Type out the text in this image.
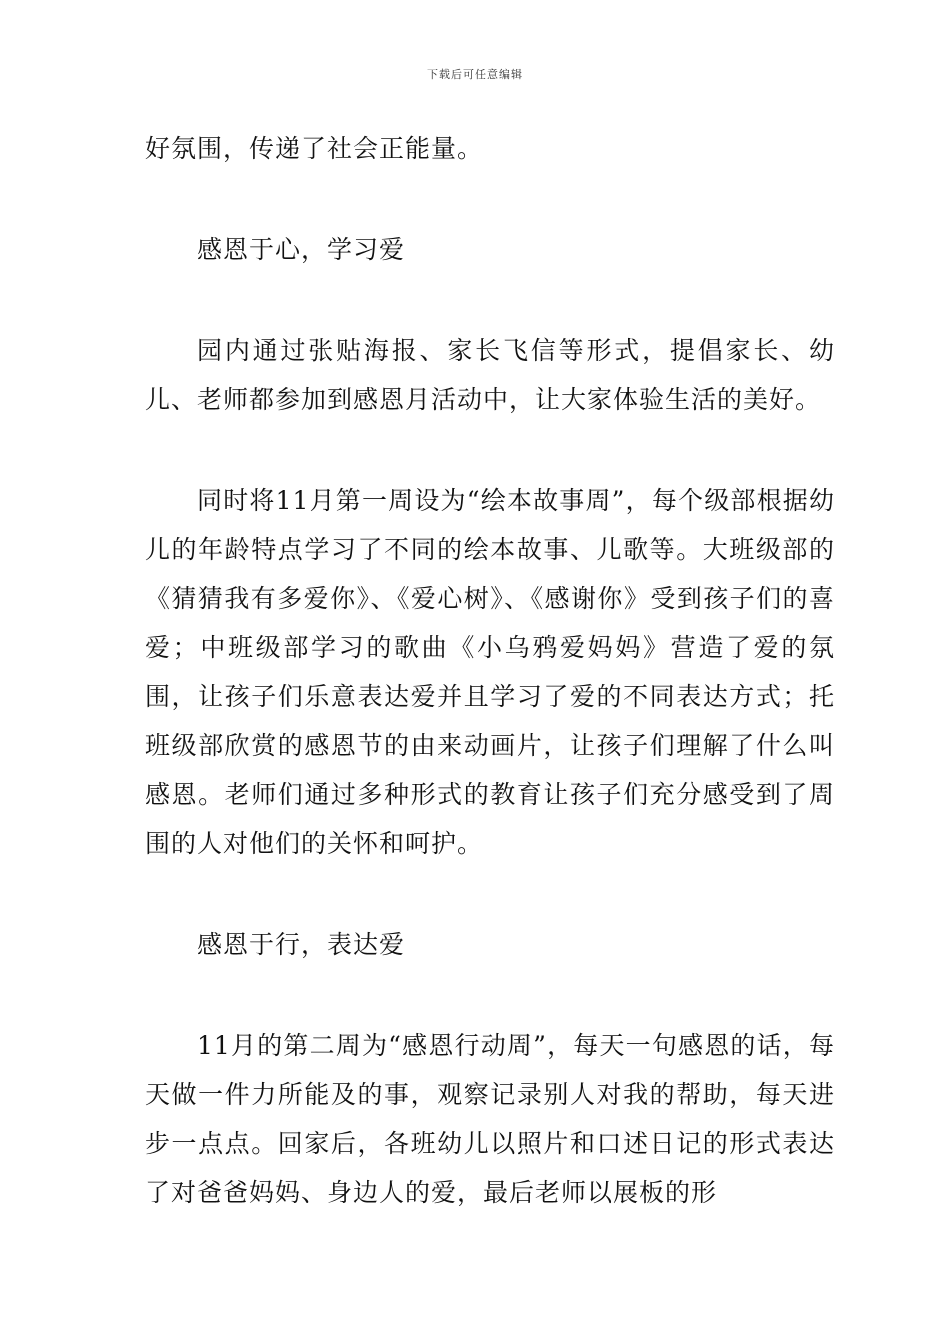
下载后可任意编辑

好氛围，传递了社会正能量。

感恩于心，学习爱

园内通过张贴海报、家长飞信等形式，提倡家长、幼儿、老师都参加到感恩月活动中，让大家体验生活的美好。

同时将11月第一周设为“绘本故事周”，每个级部根据幼儿的年龄特点学习了不同的绘本故事、儿歌等。大班级部的《猜猜我有多爱你》、《爱心树》、《感谢你》受到孩子们的喜爱；中班级部学习的歌曲《小乌鸦爱妈妈》营造了爱的氛围，让孩子们乐意表达爱并且学习了爱的不同表达方式；托班级部欣赏的感恩节的由来动画片，让孩子们理解了什么叫感恩。老师们通过多种形式的教育让孩子们充分感受到了周围的人对他们的关怀和呵护。

感恩于行，表达爱

11月的第二周为“感恩行动周”，每天一句感恩的话，每天做一件力所能及的事，观察记录别人对我的帮助，每天进步一点点。回家后，各班幼儿以照片和口述日记的形式表达了对爸爸妈妈、身边人的爱，最后老师以展板的形
